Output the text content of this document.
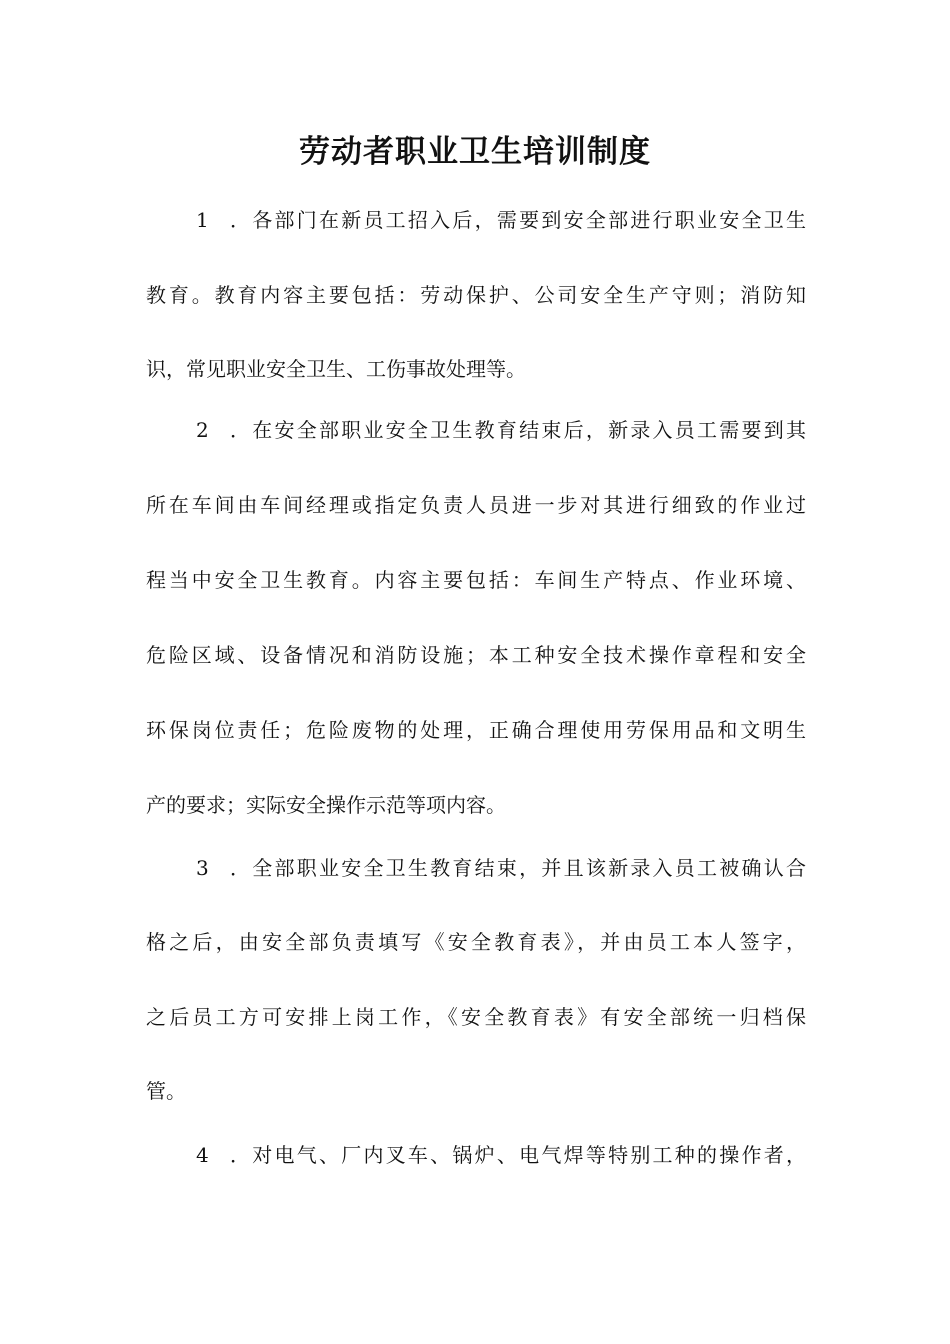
劳动者职业卫生培训制度
1．各部门在新员工招入后，需要到安全部进行职业安全卫生
教育。教育内容主要包括：劳动保护、公司安全生产守则；消防知
识，常见职业安全卫生、工伤事故处理等。
2．在安全部职业安全卫生教育结束后，新录入员工需要到其
所在车间由车间经理或指定负责人员进一步对其进行细致的作业过
程当中安全卫生教育。内容主要包括：车间生产特点、作业环境、
危险区域、设备情况和消防设施；本工种安全技术操作章程和安全
环保岗位责任；危险废物的处理，正确合理使用劳保用品和文明生
产的要求；实际安全操作示范等项内容。
3．全部职业安全卫生教育结束，并且该新录入员工被确认合
格之后，由安全部负责填写《安全教育表》，并由员工本人签字，
之后员工方可安排上岗工作，《安全教育表》有安全部统一归档保
管。
4．对电气、厂内叉车、锅炉、电气焊等特别工种的操作者，
